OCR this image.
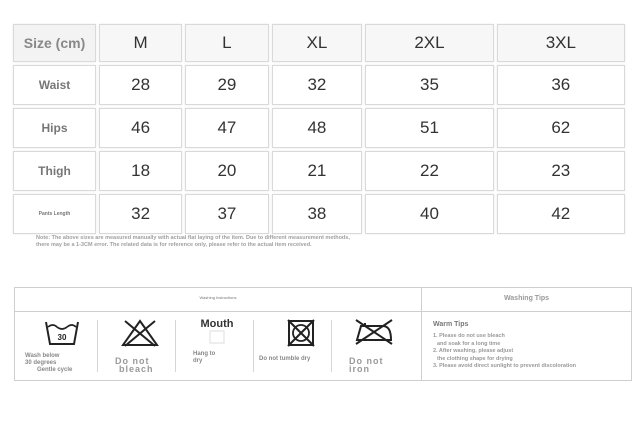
Size (cm)	M	L	XL	2XL	3XL
Waist	28	29	32	35	36
Hips	46	47	48	51	62
Thigh	18	20	21	22	23
Pants Length	32	37	38	40	42
Note: The above sizes are measured manually with actual flat laying of the item. Due to different measurement methods,
there may be a 1-3CM error. The related data is for reference only, please refer to the actual item received.
Washing Instructions
30
Wash below
30 degrees
Gentle cycle
Do not
bleach
Mouth
Hang to
dry	Do not tumble dry	Do not
iron
Washing Tips
Warm Tips
1. Please do not use bleach
and soak for a long time
2. After washing, please adjust
the clothing shape for drying
3. Please avoid direct sunlight to prevent discoloration
